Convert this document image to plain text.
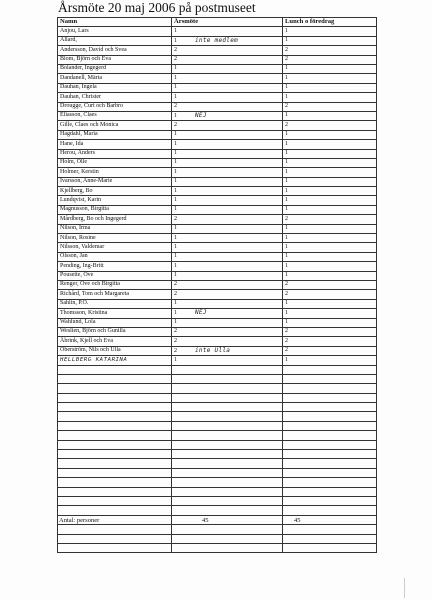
Årsmöte 20 maj 2006 på postmuseet
Namn	Årsmöte	Lunch o föredrag
Anjou, Lars	1	1
Allard,	1 inte medlem	1
Andersson, David och Svea	2	2
Blom, Björn och Eva	2	2
Bolander, Ingegerd	1	1
Dandanell, Märta	1	1
Dauhan, Ingela	1	1
Dauhan, Christer	1	1
Drougge, Curt och Barbro	2	2
Eliasson, Claes	1 NEJ	1
Gille, Claes och Monica	2	2
Hagdahl, Maria	1	1
Hane, Ida	1	1
Herou, Anders	1	1
Holm, Olle	1	1
Holmer, Kerstin	1	1
Ivarsson, Anne-Marie	1	1
Kjellberg, Bo	1	1
Lundqvist, Karin	1	1
Magnusson, Birgitta	1	1
Mårdberg, Bo och Ingegerd	2	2
Nilson, Irma	1	1
Nilson, Rosine	1	1
Nilsson, Valdemar	1	1
Olsson, Jan	1	1
Pending, Ing-Britt	1	1
Pousette, Ove	1	1
Renger, Ove och Birgitta	2	2
Richård, Tom och Margareta	2	2
Sahlin, P.O.	1	1
Thomsson, Kristina	1 NEJ	1
Wahlund, Lola	1	1
Weslien, Björn och Gunilla	2	2
Åbrink, Kjell och Eva	2	2
Öberström, Nils och Ulla	2 inte Ulla	2
HELLBERG KATARINA	1	1

Antal: personer	45	45
